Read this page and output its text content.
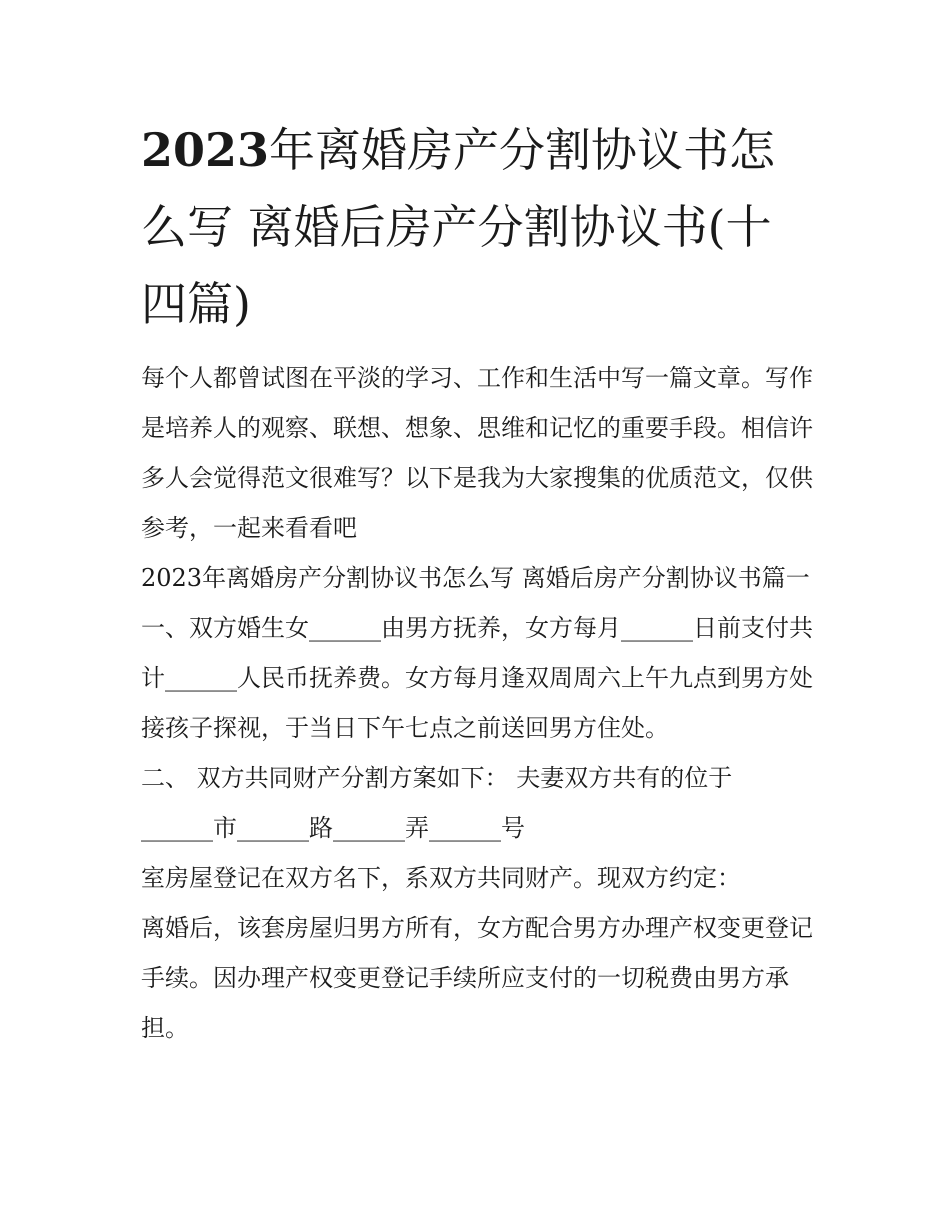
2023年离婚房产分割协议书怎么写 离婚后房产分割协议书(十四篇)

每个人都曾试图在平淡的学习、工作和生活中写一篇文章。写作是培养人的观察、联想、想象、思维和记忆的重要手段。相信许多人会觉得范文很难写？以下是我为大家搜集的优质范文，仅供参考，一起来看看吧

2023年离婚房产分割协议书怎么写 离婚后房产分割协议书篇一

一、双方婚生女______由男方抚养，女方每月______日前支付共计______人民币抚养费。女方每月逢双周周六上午九点到男方处接孩子探视，于当日下午七点之前送回男方住处。

二、 双方共同财产分割方案如下： 夫妻双方共有的位于

______市______路______弄______号

室房屋登记在双方名下，系双方共同财产。现双方约定：

离婚后，该套房屋归男方所有，女方配合男方办理产权变更登记手续。因办理产权变更登记手续所应支付的一切税费由男方承担。
